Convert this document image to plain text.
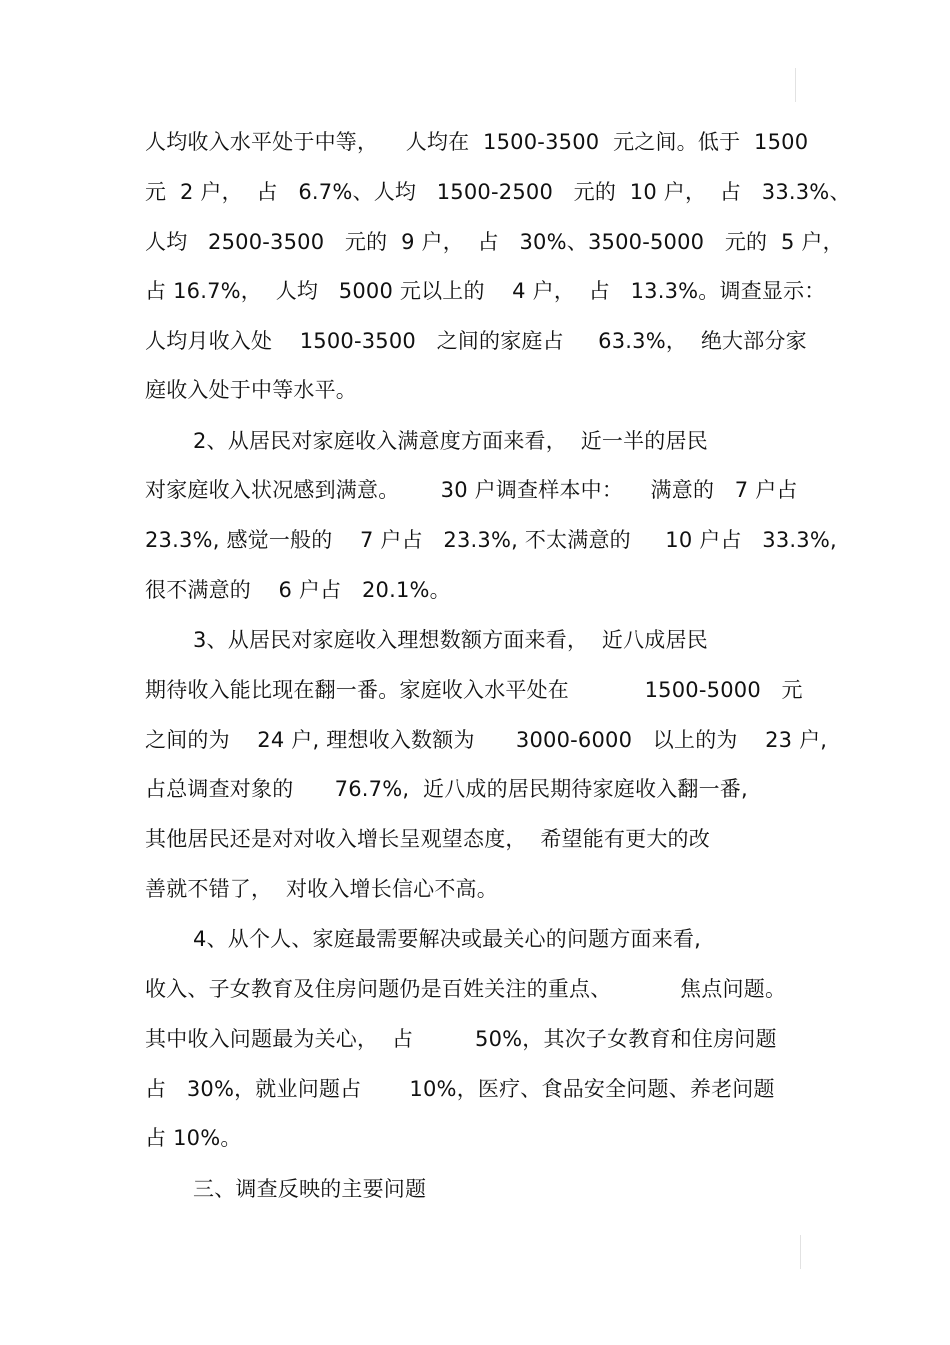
人均收入水平处于中等，    人均在  1500-3500  元之间。低于  1500
元  2 户，  占   6.7%、人均   1500-2500   元的  10 户，  占   33.3%、
人均   2500-3500   元的  9 户，  占   30%、3500-5000   元的  5 户，
占 16.7%，  人均   5000 元以上的    4 户，  占   13.3%。调查显示：
人均月收入处    1500-3500   之间的家庭占     63.3%，  绝大部分家
庭收入处于中等水平。
2、从居民对家庭收入满意度方面来看，  近一半的居民
对家庭收入状况感到满意。      30 户调查样本中：    满意的   7 户占
23.3%, 感觉一般的    7 户占   23.3%, 不太满意的     10 户占   33.3%,
很不满意的    6 户占   20.1%。
3、从居民对家庭收入理想数额方面来看，  近八成居民
期待收入能比现在翻一番。家庭收入水平处在           1500-5000   元
之间的为    24 户, 理想收入数额为      3000-6000   以上的为    23 户,
占总调查对象的      76.7%,  近八成的居民期待家庭收入翻一番,
其他居民还是对对收入增长呈观望态度，  希望能有更大的改
善就不错了，  对收入增长信心不高。
4、从个人、家庭最需要解决或最关心的问题方面来看,
收入、子女教育及住房问题仍是百姓关注的重点、          焦点问题。
其中收入问题最为关心，  占         50%，其次子女教育和住房问题
占   30%，就业问题占       10%，医疗、食品安全问题、养老问题
占 10%。
三、调查反映的主要问题
